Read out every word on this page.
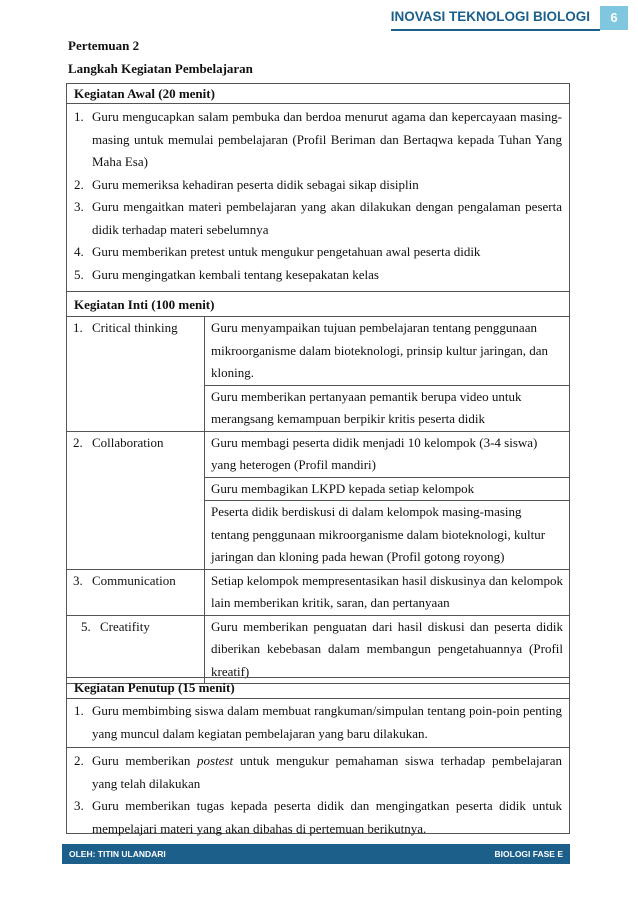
INOVASI TEKNOLOGI BIOLOGI	6
Pertemuan 2
Langkah Kegiatan Pembelajaran
Kegiatan Awal (20 menit)
1. Guru mengucapkan salam pembuka dan berdoa menurut agama dan kepercayaan masing-masing untuk memulai pembelajaran (Profil Beriman dan Bertaqwa kepada Tuhan Yang Maha Esa)
2. Guru memeriksa kehadiran peserta didik sebagai sikap disiplin
3. Guru mengaitkan materi pembelajaran yang akan dilakukan dengan pengalaman peserta didik terhadap materi sebelumnya
4. Guru memberikan pretest untuk mengukur pengetahuan awal peserta didik
5. Guru mengingatkan kembali tentang kesepakatan kelas
Kegiatan Inti (100 menit)
1. Critical thinking	Guru menyampaikan tujuan pembelajaran tentang penggunaan mikroorganisme dalam bioteknologi, prinsip kultur jaringan, dan kloning.
	Guru memberikan pertanyaan pemantik berupa video untuk merangsang kemampuan berpikir kritis peserta didik
2. Collaboration	Guru membagi peserta didik menjadi 10 kelompok (3-4 siswa) yang heterogen (Profil mandiri)
	Guru membagikan LKPD kepada setiap kelompok
	Peserta didik berdiskusi di dalam kelompok masing-masing tentang penggunaan mikroorganisme dalam bioteknologi, kultur jaringan dan kloning pada hewan (Profil gotong royong)
3. Communication	Setiap kelompok mempresentasikan hasil diskusinya dan kelompok lain memberikan kritik, saran, dan pertanyaan
5. Creatifity	Guru memberikan penguatan dari hasil diskusi dan peserta didik diberikan kebebasan dalam membangun pengetahuannya (Profil kreatif)
Kegiatan Penutup (15 menit)
1. Guru membimbing siswa dalam membuat rangkuman/simpulan tentang poin-poin penting yang muncul dalam kegiatan pembelajaran yang baru dilakukan.
2. Guru memberikan postest untuk mengukur pemahaman siswa terhadap pembelajaran yang telah dilakukan
3. Guru memberikan tugas kepada peserta didik dan mengingatkan peserta didik untuk mempelajari materi yang akan dibahas di pertemuan berikutnya.
OLEH: TITIN ULANDARI	BIOLOGI FASE E
